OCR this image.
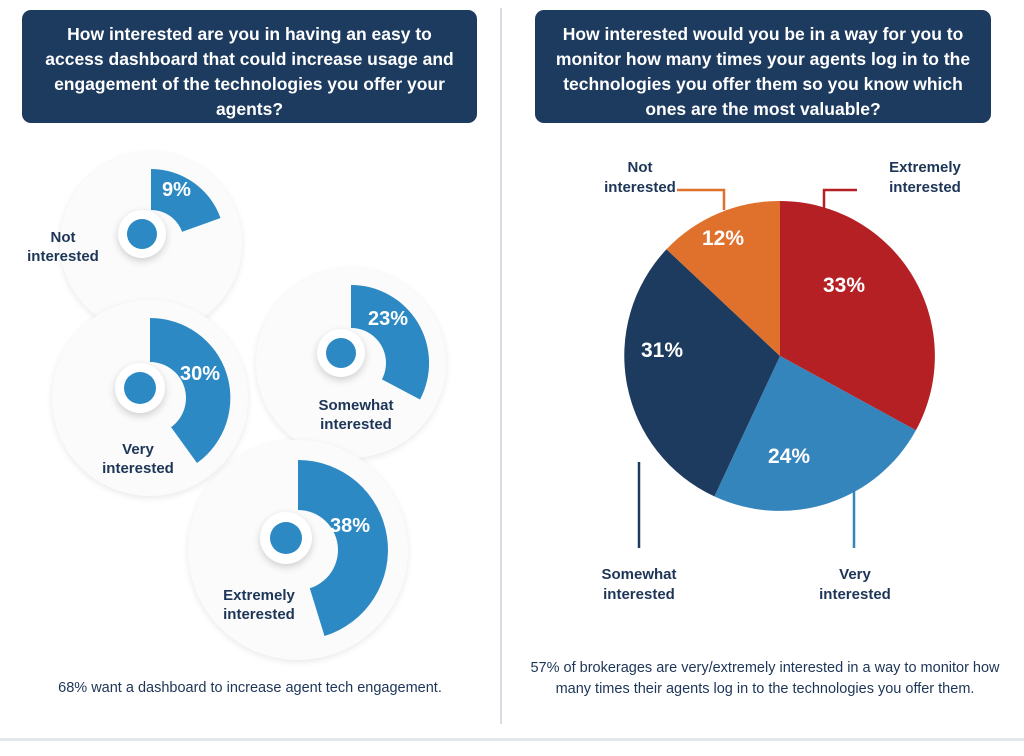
How interested are you in having an easy to access dashboard that could increase usage and engagement of the technologies you offer your agents?
9%
Not
interested
30%
Very
interested
23%
Somewhat
interested
38%
Extremely
interested
68% want a dashboard to increase agent tech engagement.
How interested would you be in a way for you to monitor how many times your agents log in to the technologies you offer them so you know which ones are the most valuable?
33%
24%
31%
12%
Not
interested
Extremely
interested
Somewhat
interested
Very
interested
57% of brokerages are very/extremely interested in a way to monitor how many times their agents log in to the technologies you offer them.
